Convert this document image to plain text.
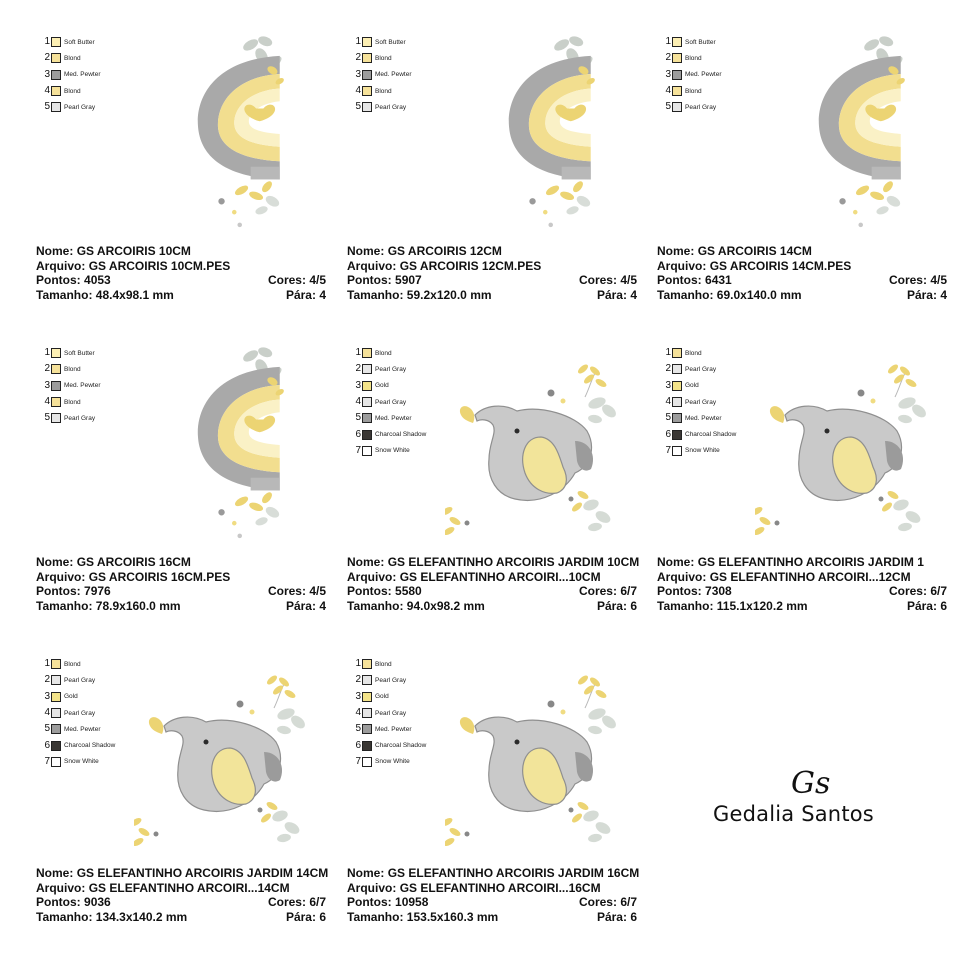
1 Soft Butter
2 Blond
3 Med. Pewter
4 Blond
5 Pearl Gray
Nome: GS ARCOIRIS 10CM
Arquivo: GS ARCOIRIS 10CM.PES
Pontos: 4053	Cores: 4/5
Tamanho: 48.4x98.1 mm	Pára: 4
1 Soft Butter
2 Blond
3 Med. Pewter
4 Blond
5 Pearl Gray
Nome: GS ARCOIRIS 12CM
Arquivo: GS ARCOIRIS 12CM.PES
Pontos: 5907	Cores: 4/5
Tamanho: 59.2x120.0 mm	Pára: 4
1 Soft Butter
2 Blond
3 Med. Pewter
4 Blond
5 Pearl Gray
Nome: GS ARCOIRIS 14CM
Arquivo: GS ARCOIRIS 14CM.PES
Pontos: 6431	Cores: 4/5
Tamanho: 69.0x140.0 mm	Pára: 4
1 Soft Butter
2 Blond
3 Med. Pewter
4 Blond
5 Pearl Gray
Nome: GS ARCOIRIS 16CM
Arquivo: GS ARCOIRIS 16CM.PES
Pontos: 7976	Cores: 4/5
Tamanho: 78.9x160.0 mm	Pára: 4
1 Blond
2 Pearl Gray
3 Gold
4 Pearl Gray
5 Med. Pewter
6 Charcoal Shadow
7 Snow White
Nome: GS ELEFANTINHO ARCOIRIS JARDIM 10CM
Arquivo: GS ELEFANTINHO ARCOIRI...10CM
Pontos: 5580	Cores: 6/7
Tamanho: 94.0x98.2 mm	Pára: 6
1 Blond
2 Pearl Gray
3 Gold
4 Pearl Gray
5 Med. Pewter
6 Charcoal Shadow
7 Snow White
Nome: GS ELEFANTINHO ARCOIRIS JARDIM 1
Arquivo: GS ELEFANTINHO ARCOIRI...12CM
Pontos: 7308	Cores: 6/7
Tamanho: 115.1x120.2 mm	Pára: 6
1 Blond
2 Pearl Gray
3 Gold
4 Pearl Gray
5 Med. Pewter
6 Charcoal Shadow
7 Snow White
Nome: GS ELEFANTINHO ARCOIRIS JARDIM 14CM
Arquivo: GS ELEFANTINHO ARCOIRI...14CM
Pontos: 9036	Cores: 6/7
Tamanho: 134.3x140.2 mm	Pára: 6
1 Blond
2 Pearl Gray
3 Gold
4 Pearl Gray
5 Med. Pewter
6 Charcoal Shadow
7 Snow White
Nome: GS ELEFANTINHO ARCOIRIS JARDIM 16CM
Arquivo: GS ELEFANTINHO ARCOIRI...16CM
Pontos: 10958	Cores: 6/7
Tamanho: 153.5x160.3 mm	Pára: 6
Gs
Gedalia Santos
